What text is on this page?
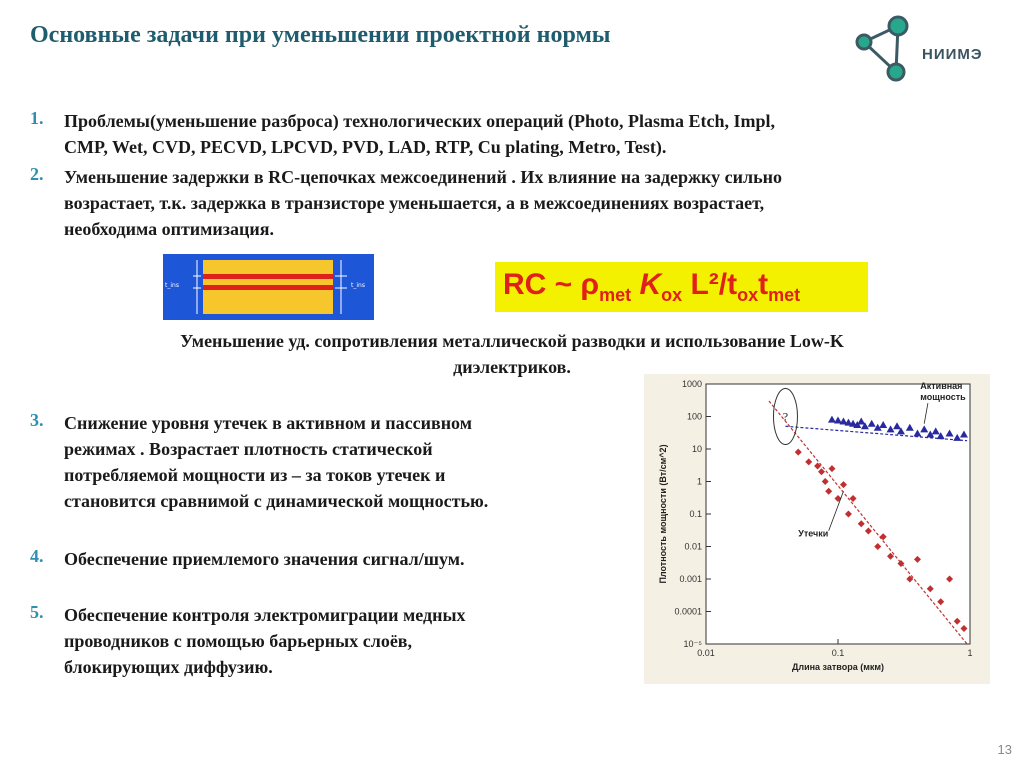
Основные задачи при уменьшении проектной нормы
НИИМЭ
1. Проблемы(уменьшение разброса) технологических операций (Photo, Plasma Etch, Impl,
CMP, Wet, CVD, PECVD, LPCVD, PVD, LAD, RTP, Cu plating, Metro, Test).
2. Уменьшение задержки в RC-цепочках межсоединений . Их влияние на задержку сильно
возрастает, т.к. задержка в транзисторе уменьшается, а в межсоединениях возрастает,
необходима оптимизация.
t_ins	t_ins	RC ~ $\rho_{met}$ $K_{ox}$ $L^2/t_{ox}t_{met}$
Уменьшение уд. сопротивления металлической разводки и использование Low-K
диэлектриков.
3. Снижение уровня утечек в активном и пассивном
режимах . Возрастает плотность статической
потребляемой мощности из – за токов утечек и
становится сравнимой с динамической мощностью.
4. Обеспечение приемлемого значения сигнал/шум.
5. Обеспечение контроля электромиграции медных
проводников с помощью барьерных слоёв,
блокирующих диффузию.
1000
100
10
1
0.1
0.01
0.001
0.0001
10⁻⁵
0.01	0.1	1
Длина затвора (мкм)
Плотность мощности (Вт/см^2)
Активная
мощность
Утечки
?
13
